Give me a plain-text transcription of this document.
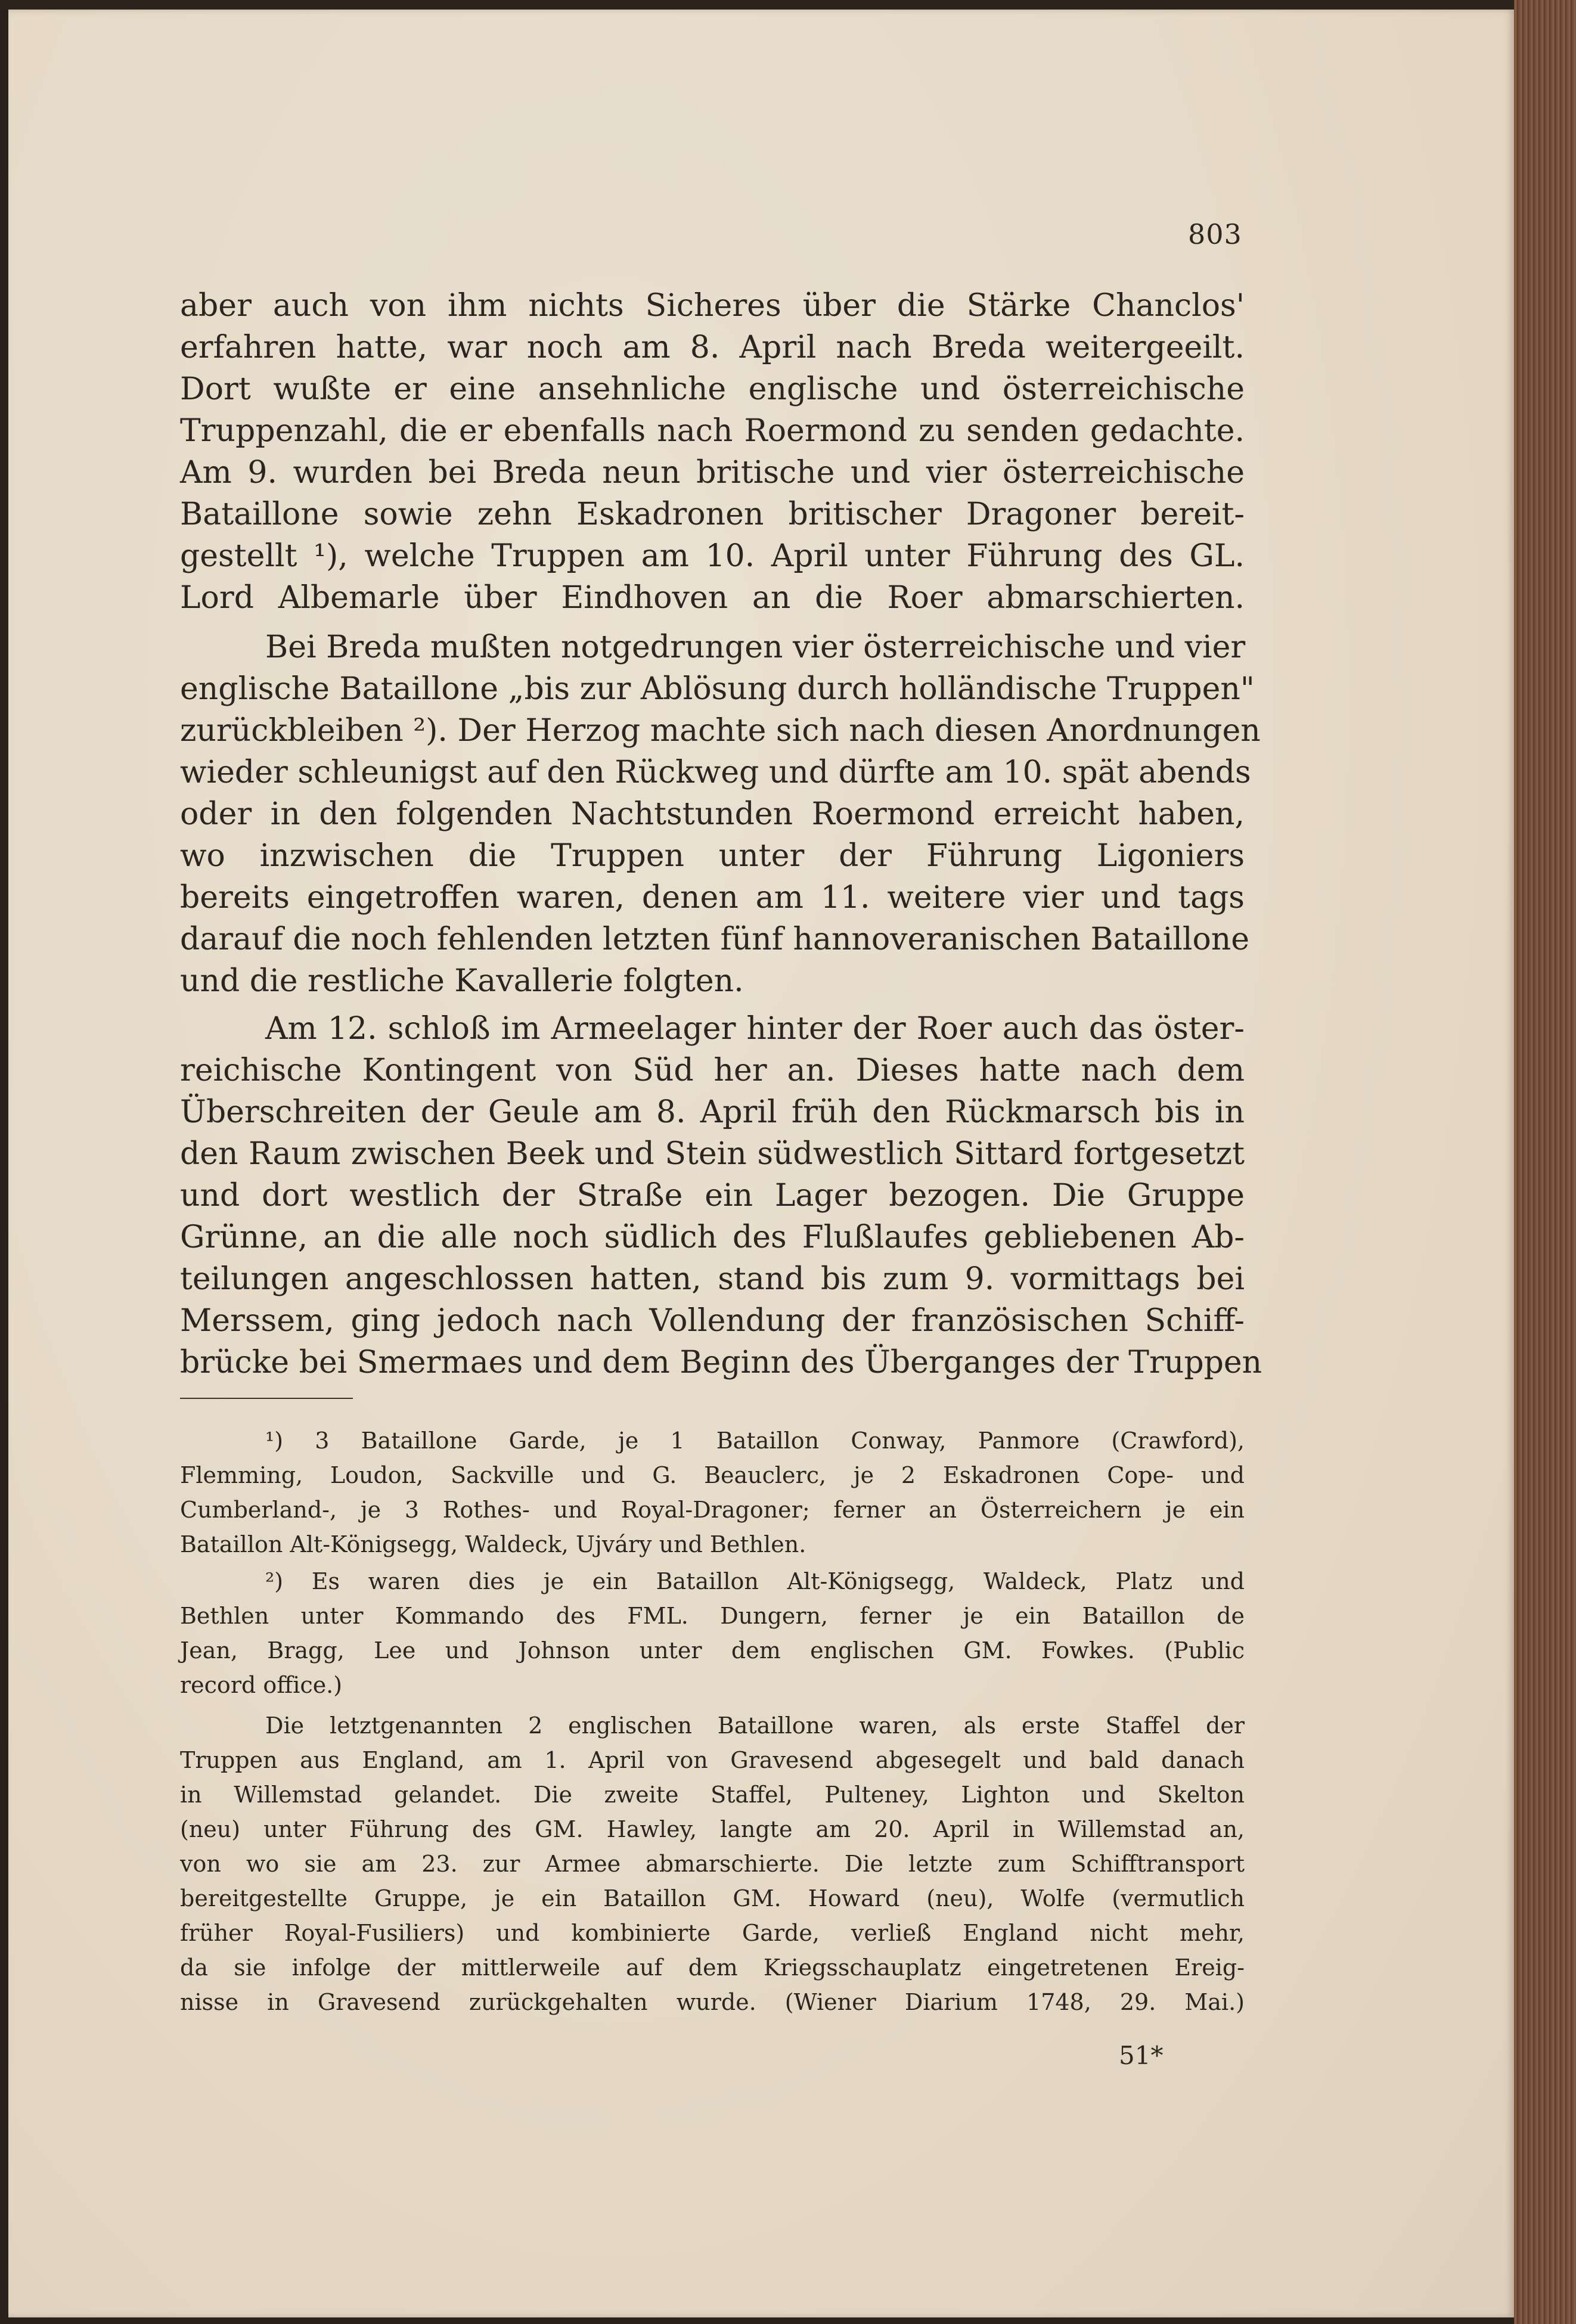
803
aber auch von ihm nichts Sicheres über die Stärke Chanclos'
erfahren hatte, war noch am 8. April nach Breda weitergeeilt.
Dort wußte er eine ansehnliche englische und österreichische
Truppenzahl, die er ebenfalls nach Roermond zu senden gedachte.
Am 9. wurden bei Breda neun britische und vier österreichische
Bataillone sowie zehn Eskadronen britischer Dragoner bereit-
gestellt ¹), welche Truppen am 10. April unter Führung des GL.
Lord Albemarle über Eindhoven an die Roer abmarschierten.
Bei Breda mußten notgedrungen vier österreichische und vier
englische Bataillone „bis zur Ablösung durch holländische Truppen"
zurückbleiben ²). Der Herzog machte sich nach diesen Anordnungen
wieder schleunigst auf den Rückweg und dürfte am 10. spät abends
oder in den folgenden Nachtstunden Roermond erreicht haben,
wo inzwischen die Truppen unter der Führung Ligoniers
bereits eingetroffen waren, denen am 11. weitere vier und tags
darauf die noch fehlenden letzten fünf hannoveranischen Bataillone
und die restliche Kavallerie folgten.
Am 12. schloß im Armeelager hinter der Roer auch das öster-
reichische Kontingent von Süd her an. Dieses hatte nach dem
Überschreiten der Geule am 8. April früh den Rückmarsch bis in
den Raum zwischen Beek und Stein südwestlich Sittard fortgesetzt
und dort westlich der Straße ein Lager bezogen. Die Gruppe
Grünne, an die alle noch südlich des Flußlaufes gebliebenen Ab-
teilungen angeschlossen hatten, stand bis zum 9. vormittags bei
Merssem, ging jedoch nach Vollendung der französischen Schiff-
brücke bei Smermaes und dem Beginn des Überganges der Truppen
¹) 3 Bataillone Garde, je 1 Bataillon Conway, Panmore (Crawford),
Flemming, Loudon, Sackville und G. Beauclerc, je 2 Eskadronen Cope- und
Cumberland-, je 3 Rothes- und Royal-Dragoner; ferner an Österreichern je ein
Bataillon Alt-Königsegg, Waldeck, Ujváry und Bethlen.
²) Es waren dies je ein Bataillon Alt-Königsegg, Waldeck, Platz und
Bethlen unter Kommando des FML. Dungern, ferner je ein Bataillon de
Jean, Bragg, Lee und Johnson unter dem englischen GM. Fowkes. (Public
record office.)
Die letztgenannten 2 englischen Bataillone waren, als erste Staffel der
Truppen aus England, am 1. April von Gravesend abgesegelt und bald danach
in Willemstad gelandet. Die zweite Staffel, Pulteney, Lighton und Skelton
(neu) unter Führung des GM. Hawley, langte am 20. April in Willemstad an,
von wo sie am 23. zur Armee abmarschierte. Die letzte zum Schifftransport
bereitgestellte Gruppe, je ein Bataillon GM. Howard (neu), Wolfe (vermutlich
früher Royal-Fusiliers) und kombinierte Garde, verließ England nicht mehr,
da sie infolge der mittlerweile auf dem Kriegsschauplatz eingetretenen Ereig-
nisse in Gravesend zurückgehalten wurde. (Wiener Diarium 1748, 29. Mai.)
51*
